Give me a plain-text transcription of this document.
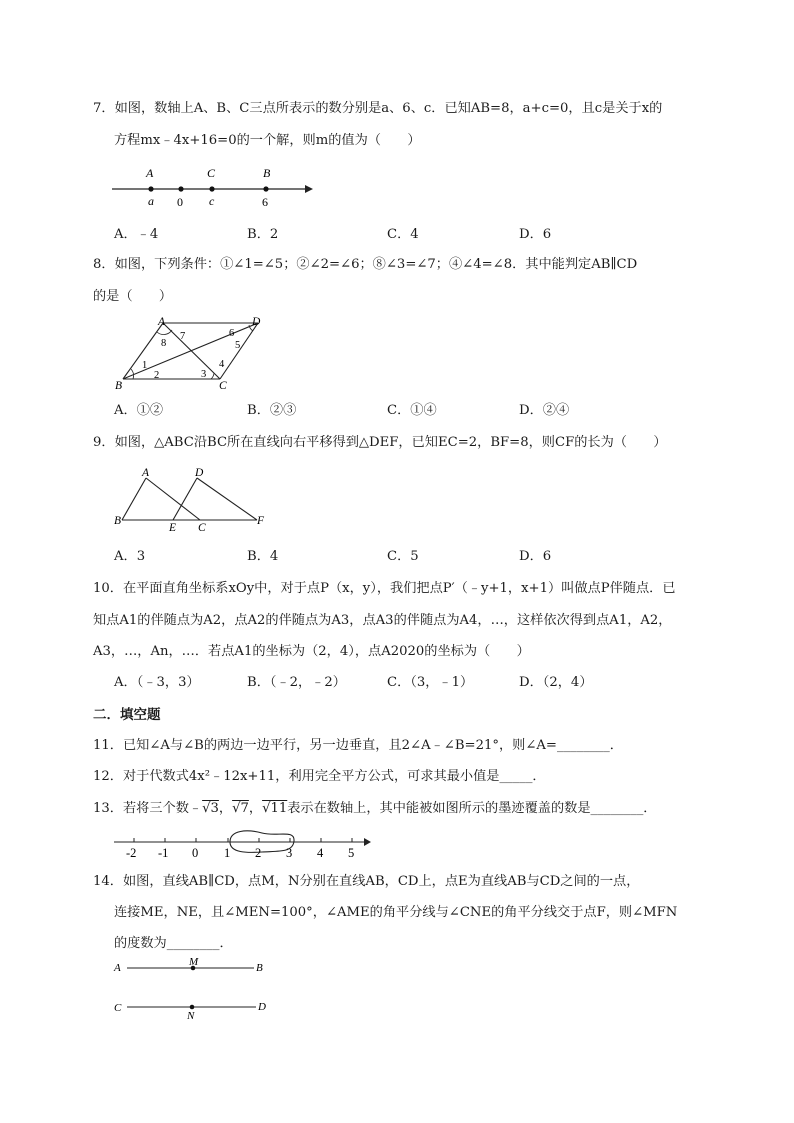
7．如图，数轴上A、B、C三点所表示的数分别是a、6、c．已知AB=8，a+c=0，且c是关于x的
方程mx﹣4x+16=0的一个解，则m的值为（　　）
A	C	B
a 0 c	6
A．﹣4	B．2	C．4	D．6
8．如图，下列条件：①∠1=∠5；②∠2=∠6；⑧∠3=∠7；④∠4=∠8．其中能判定AB∥CD
的是（　　）
A	D
B	C
1
2	3
4
5
6
7
8
A．①②	B．②③	C．①④	D．②④
9．如图，△ABC沿BC所在直线向右平移得到△DEF，已知EC=2，BF=8，则CF的长为（　　）
A	D
B
E C
F
A．3	B．4	C．5	D．6
10．在平面直角坐标系xOy中，对于点P（x，y），我们把点P′（﹣y+1，x+1）叫做点P伴随点．已
知点A1的伴随点为A2，点A2的伴随点为A3，点A3的伴随点为A4，…，这样依次得到点A1，A2，
A3，…，An，…．若点A1的坐标为（2，4），点A2020的坐标为（　　）
A．（﹣3，3）	B．（﹣2，﹣2）	C．（3，﹣1）	D．（2，4）
二．填空题
11．已知∠A与∠B的两边一边平行，另一边垂直，且2∠A﹣∠B=21°，则∠A=________．
12．对于代数式4x²﹣12x+11，利用完全平方公式，可求其最小值是_____．
13．若将三个数﹣√3，√7，√11表示在数轴上，其中能被如图所示的墨迹覆盖的数是________．
-2 -1 0 1 2 3 4 5
14．如图，直线AB∥CD，点M，N分别在直线AB，CD上，点E为直线AB与CD之间的一点，
连接ME，NE，且∠MEN=100°，∠AME的角平分线与∠CNE的角平分线交于点F，则∠MFN
的度数为________．
A	M	B
C
N
D
